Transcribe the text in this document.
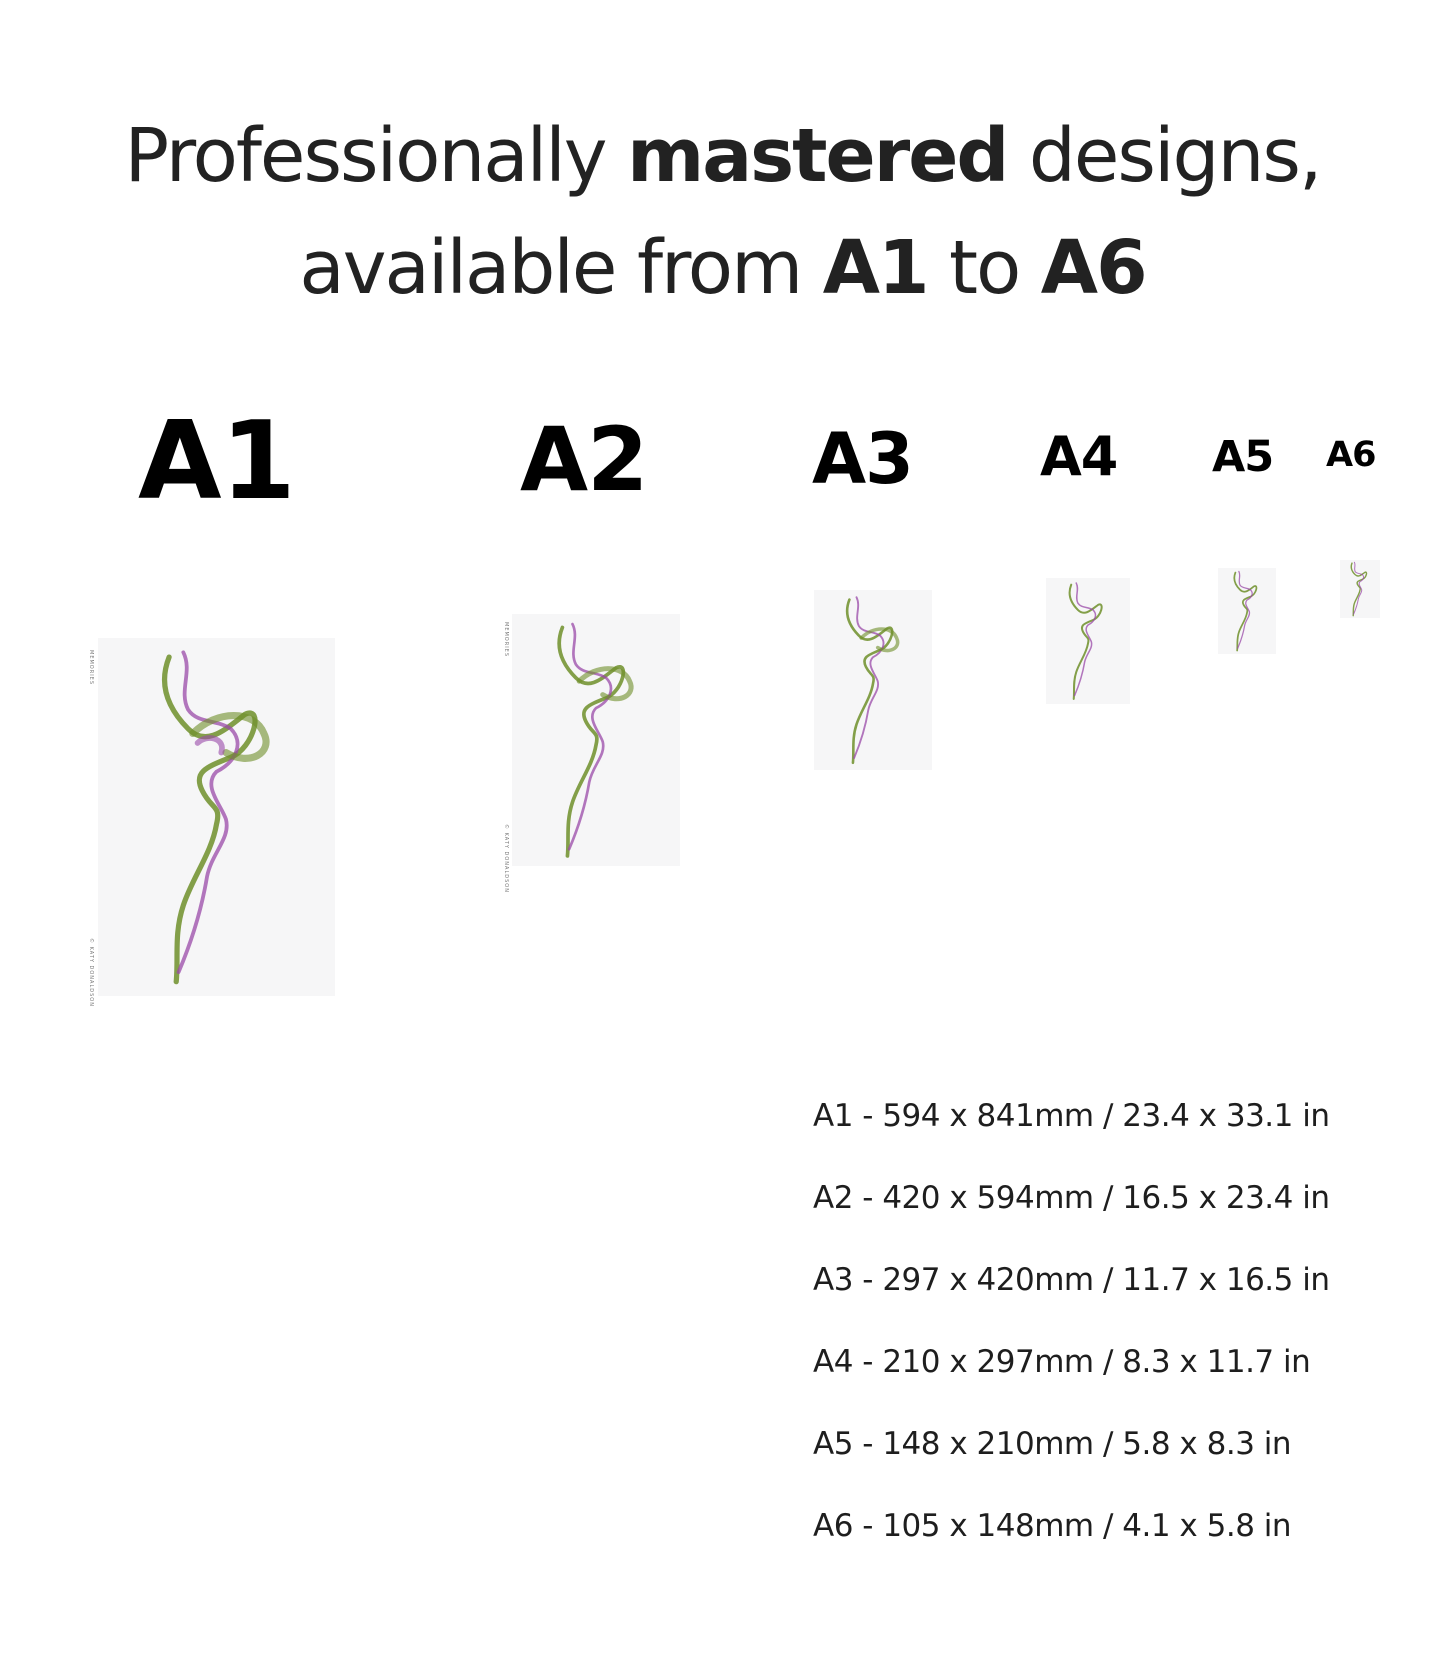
Professionally mastered designs,
available from A1 to A6
A1	A2 A3 A4 A5 A6
MEMORIES
© KATY DONALDSON
MEMORIES
© KATY DONALDSON
A1 - 594 x 841mm / 23.4 x 33.1 in
A2 - 420 x 594mm / 16.5 x 23.4 in
A3 - 297 x 420mm / 11.7 x 16.5 in
A4 - 210 x 297mm / 8.3 x 11.7 in
A5 - 148 x 210mm / 5.8 x 8.3 in
A6 - 105 x 148mm / 4.1 x 5.8 in
